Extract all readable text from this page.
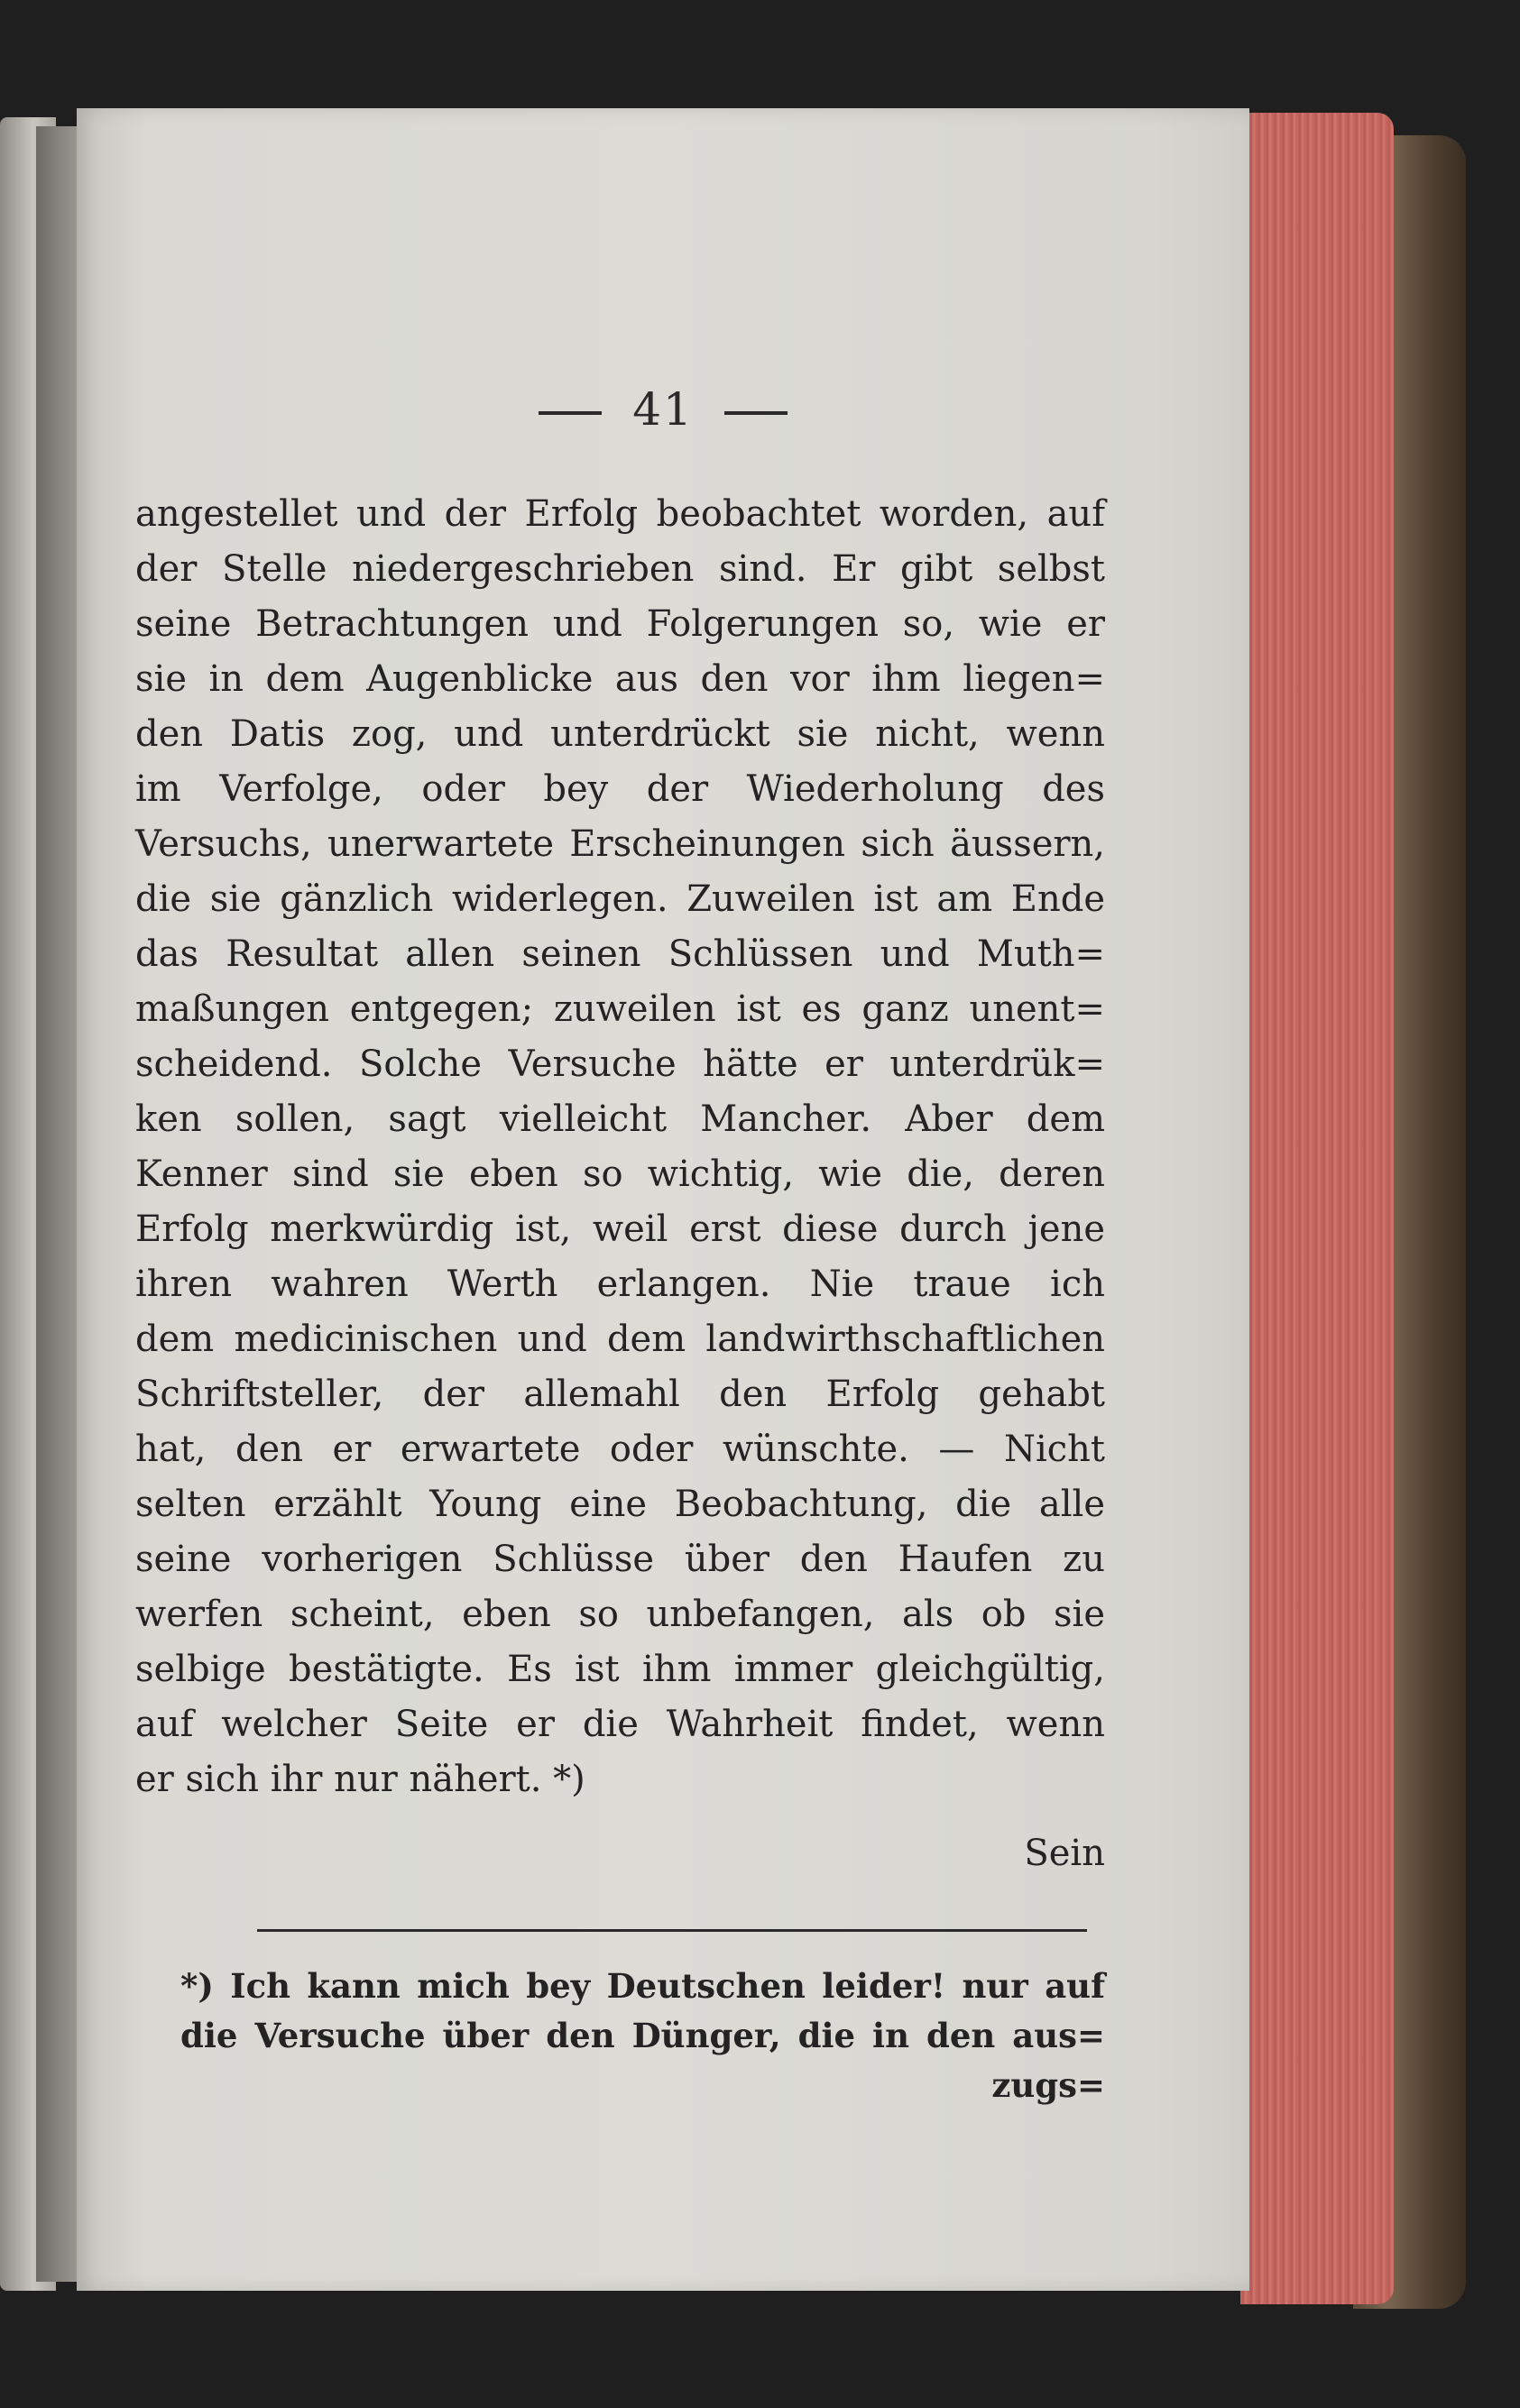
41
angestellet und der Erfolg beobachtet worden, auf
der Stelle niedergeschrieben sind. Er gibt selbst
seine Betrachtungen und Folgerungen so, wie er
sie in dem Augenblicke aus den vor ihm liegen=
den Datis zog, und unterdrückt sie nicht, wenn
im Verfolge, oder bey der Wiederholung des
Versuchs, unerwartete Erscheinungen sich äussern,
die sie gänzlich widerlegen. Zuweilen ist am Ende
das Resultat allen seinen Schlüssen und Muth=
maßungen entgegen; zuweilen ist es ganz unent=
scheidend. Solche Versuche hätte er unterdrük=
ken sollen, sagt vielleicht Mancher. Aber dem
Kenner sind sie eben so wichtig, wie die, deren
Erfolg merkwürdig ist, weil erst diese durch jene
ihren wahren Werth erlangen. Nie traue ich
dem medicinischen und dem landwirthschaftlichen
Schriftsteller, der allemahl den Erfolg gehabt
hat, den er erwartete oder wünschte. — Nicht
selten erzählt Young eine Beobachtung, die alle
seine vorherigen Schlüsse über den Haufen zu
werfen scheint, eben so unbefangen, als ob sie
selbige bestätigte. Es ist ihm immer gleichgültig,
auf welcher Seite er die Wahrheit findet, wenn
er sich ihr nur nähert. *)
Sein
*) Ich kann mich bey Deutschen leider! nur auf
die Versuche über den Dünger, die in den aus=
zugs=
